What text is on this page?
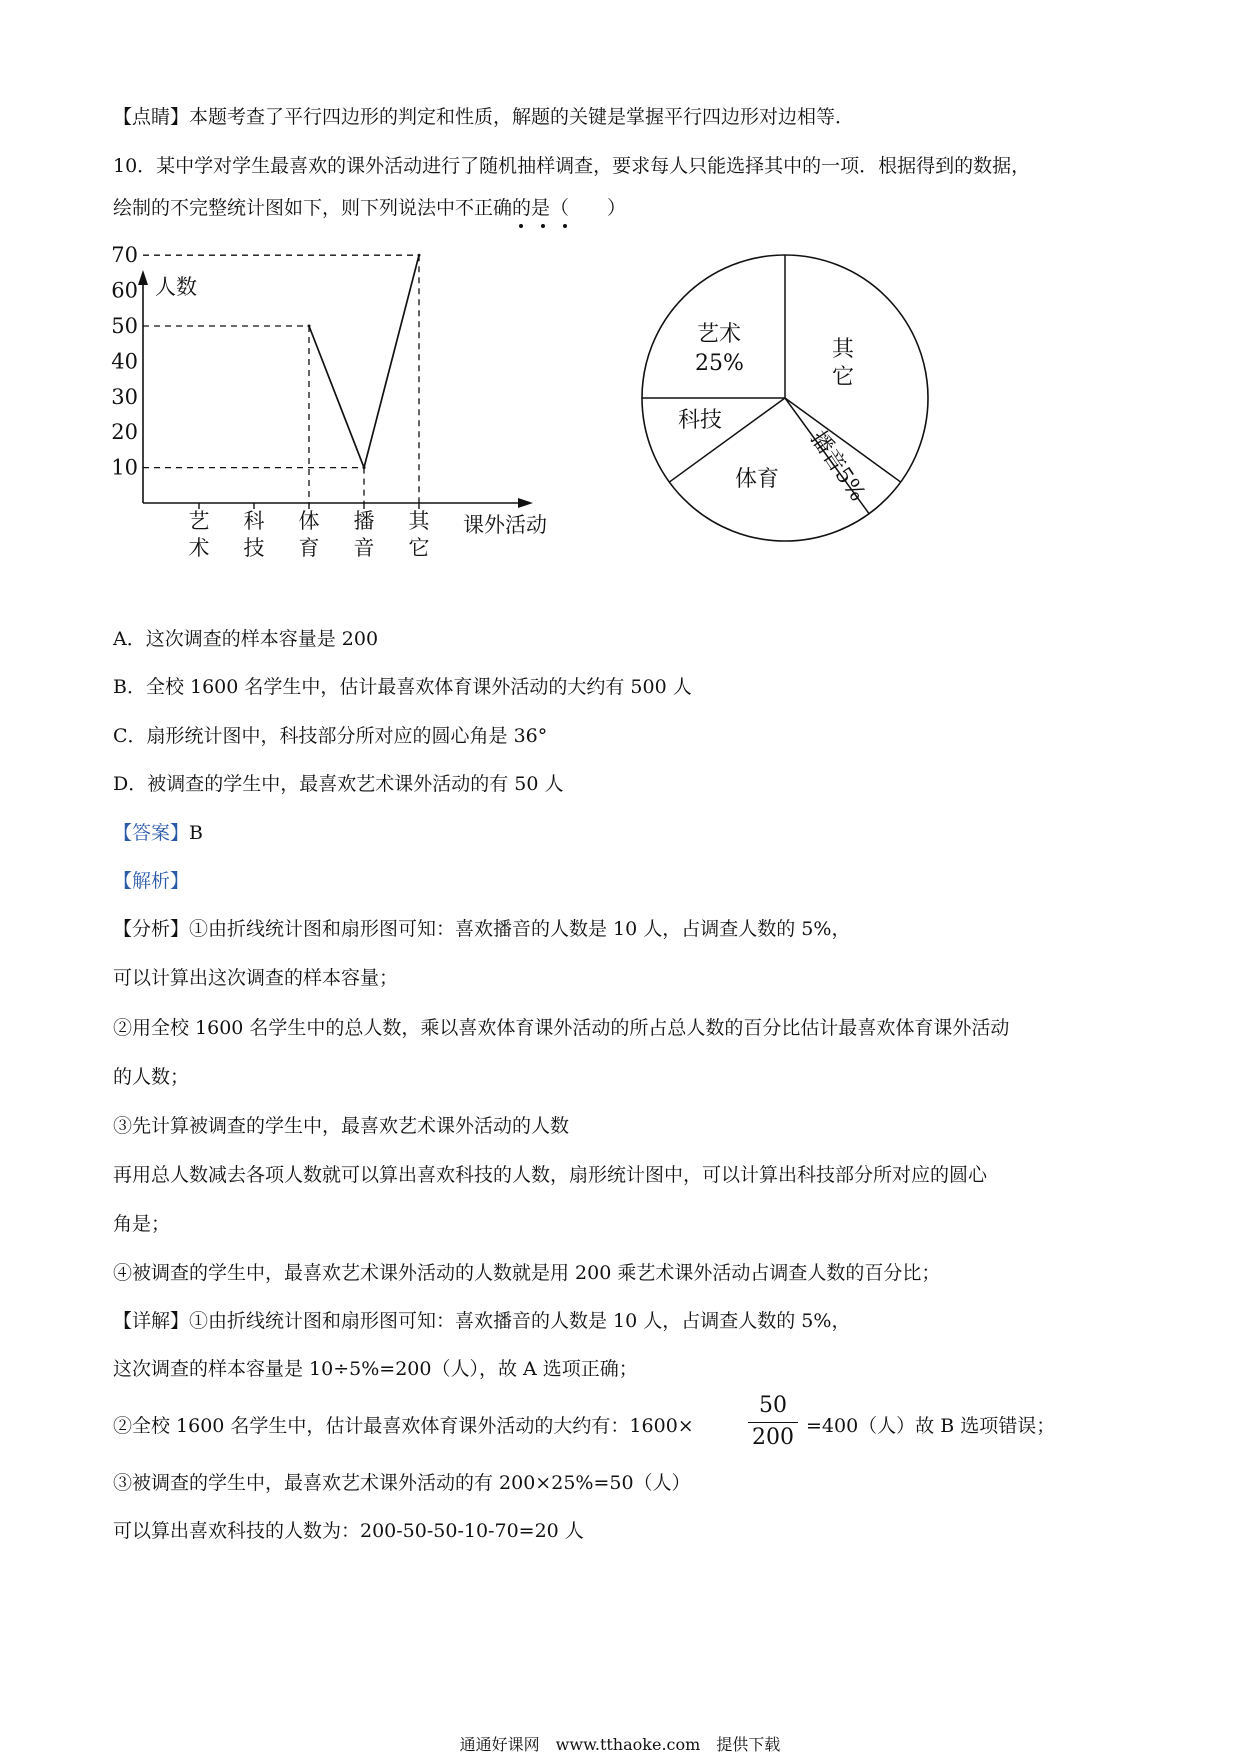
【点睛】本题考查了平行四边形的判定和性质，解题的关键是掌握平行四边形对边相等．

10．某中学对学生最喜欢的课外活动进行了随机抽样调查，要求每人只能选择其中的一项．根据得到的数据，

绘制的不完整统计图如下，则下列说法中不正确的是（　　）

人数
课外活动
10
20
30
40
50
60
70
艺
术
科
技
体
育
播
音
其
它
艺术
25%
体育
科技
其
它
播音5%

A．这次调查的样本容量是 200

B．全校 1600 名学生中，估计最喜欢体育课外活动的大约有 500 人

C．扇形统计图中，科技部分所对应的圆心角是 36°

D．被调查的学生中，最喜欢艺术课外活动的有 50 人

【答案】B

【解析】

【分析】①由折线统计图和扇形图可知：喜欢播音的人数是 10 人，占调查人数的 5%，

可以计算出这次调查的样本容量；

②用全校 1600 名学生中的总人数，乘以喜欢体育课外活动的所占总人数的百分比估计最喜欢体育课外活动

的人数；

③先计算被调查的学生中，最喜欢艺术课外活动的人数

再用总人数减去各项人数就可以算出喜欢科技的人数，扇形统计图中，可以计算出科技部分所对应的圆心

角是；

④被调查的学生中，最喜欢艺术课外活动的人数就是用 200 乘艺术课外活动占调查人数的百分比；

【详解】①由折线统计图和扇形图可知：喜欢播音的人数是 10 人，占调查人数的 5%，

这次调查的样本容量是 10÷5%=200（人），故 A 选项正确；

②全校 1600 名学生中，估计最喜欢体育课外活动的大约有：1600×

50
200 =400（人）故 B 选项错误；

③被调查的学生中，最喜欢艺术课外活动的有 200×25%=50（人）

可以算出喜欢科技的人数为：200-50-50-10-70=20 人

通通好课网　www.tthaoke.com　提供下载
